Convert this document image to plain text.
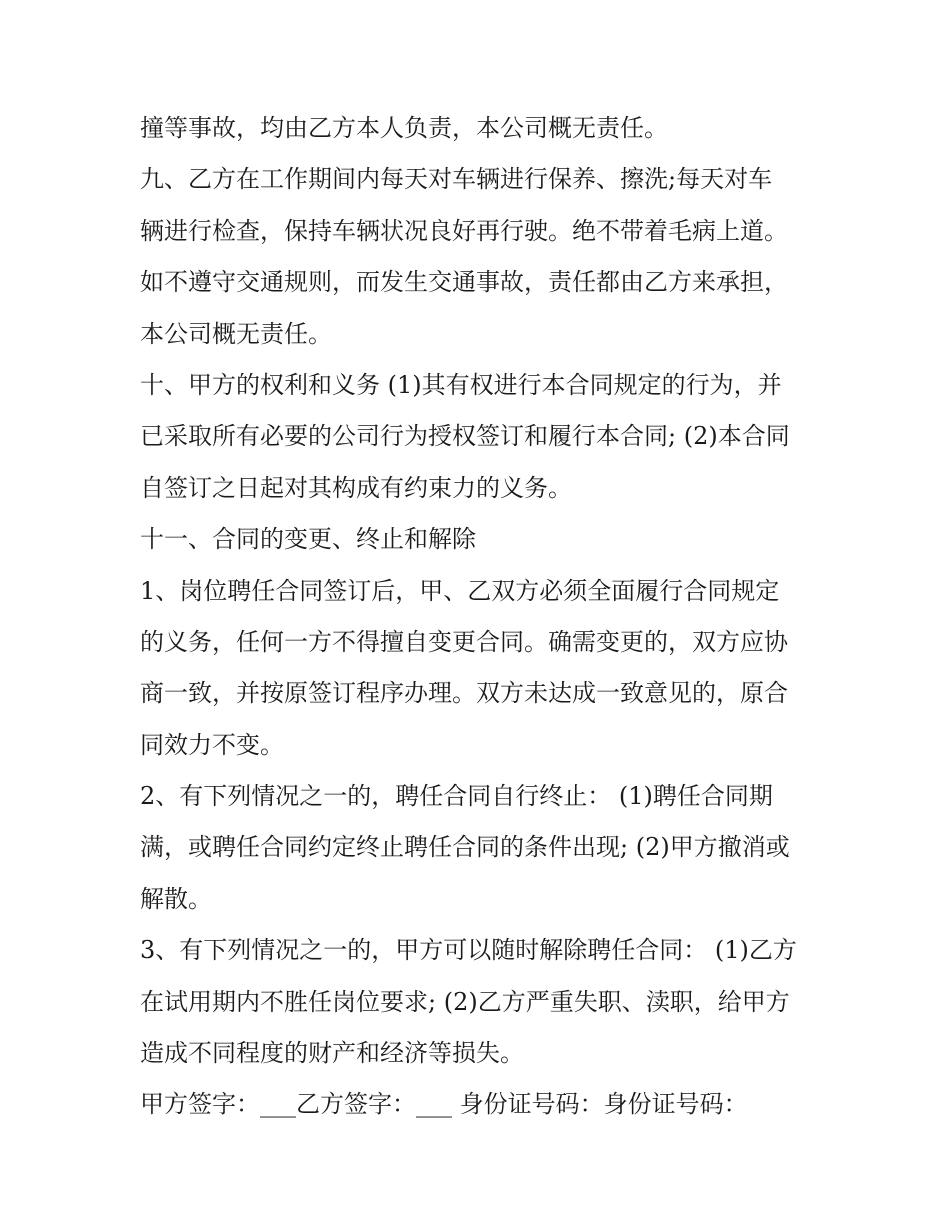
撞等事故，均由乙方本人负责，本公司概无责任。
九、乙方在工作期间内每天对车辆进行保养、擦洗;每天对车
辆进行检查，保持车辆状况良好再行驶。绝不带着毛病上道。
如不遵守交通规则，而发生交通事故，责任都由乙方来承担，
本公司概无责任。
十、甲方的权利和义务 (1)其有权进行本合同规定的行为，并
已采取所有必要的公司行为授权签订和履行本合同; (2)本合同
自签订之日起对其构成有约束力的义务。
十一、合同的变更、终止和解除
1、岗位聘任合同签订后，甲、乙双方必须全面履行合同规定
的义务，任何一方不得擅自变更合同。确需变更的，双方应协
商一致，并按原签订程序办理。双方未达成一致意见的，原合
同效力不变。
2、有下列情况之一的，聘任合同自行终止： (1)聘任合同期
满，或聘任合同约定终止聘任合同的条件出现; (2)甲方撤消或
解散。
3、有下列情况之一的，甲方可以随时解除聘任合同： (1)乙方
在试用期内不胜任岗位要求; (2)乙方严重失职、渎职，给甲方
造成不同程度的财产和经济等损失。
甲方签字：___乙方签字：___ 身份证号码：身份证号码：
